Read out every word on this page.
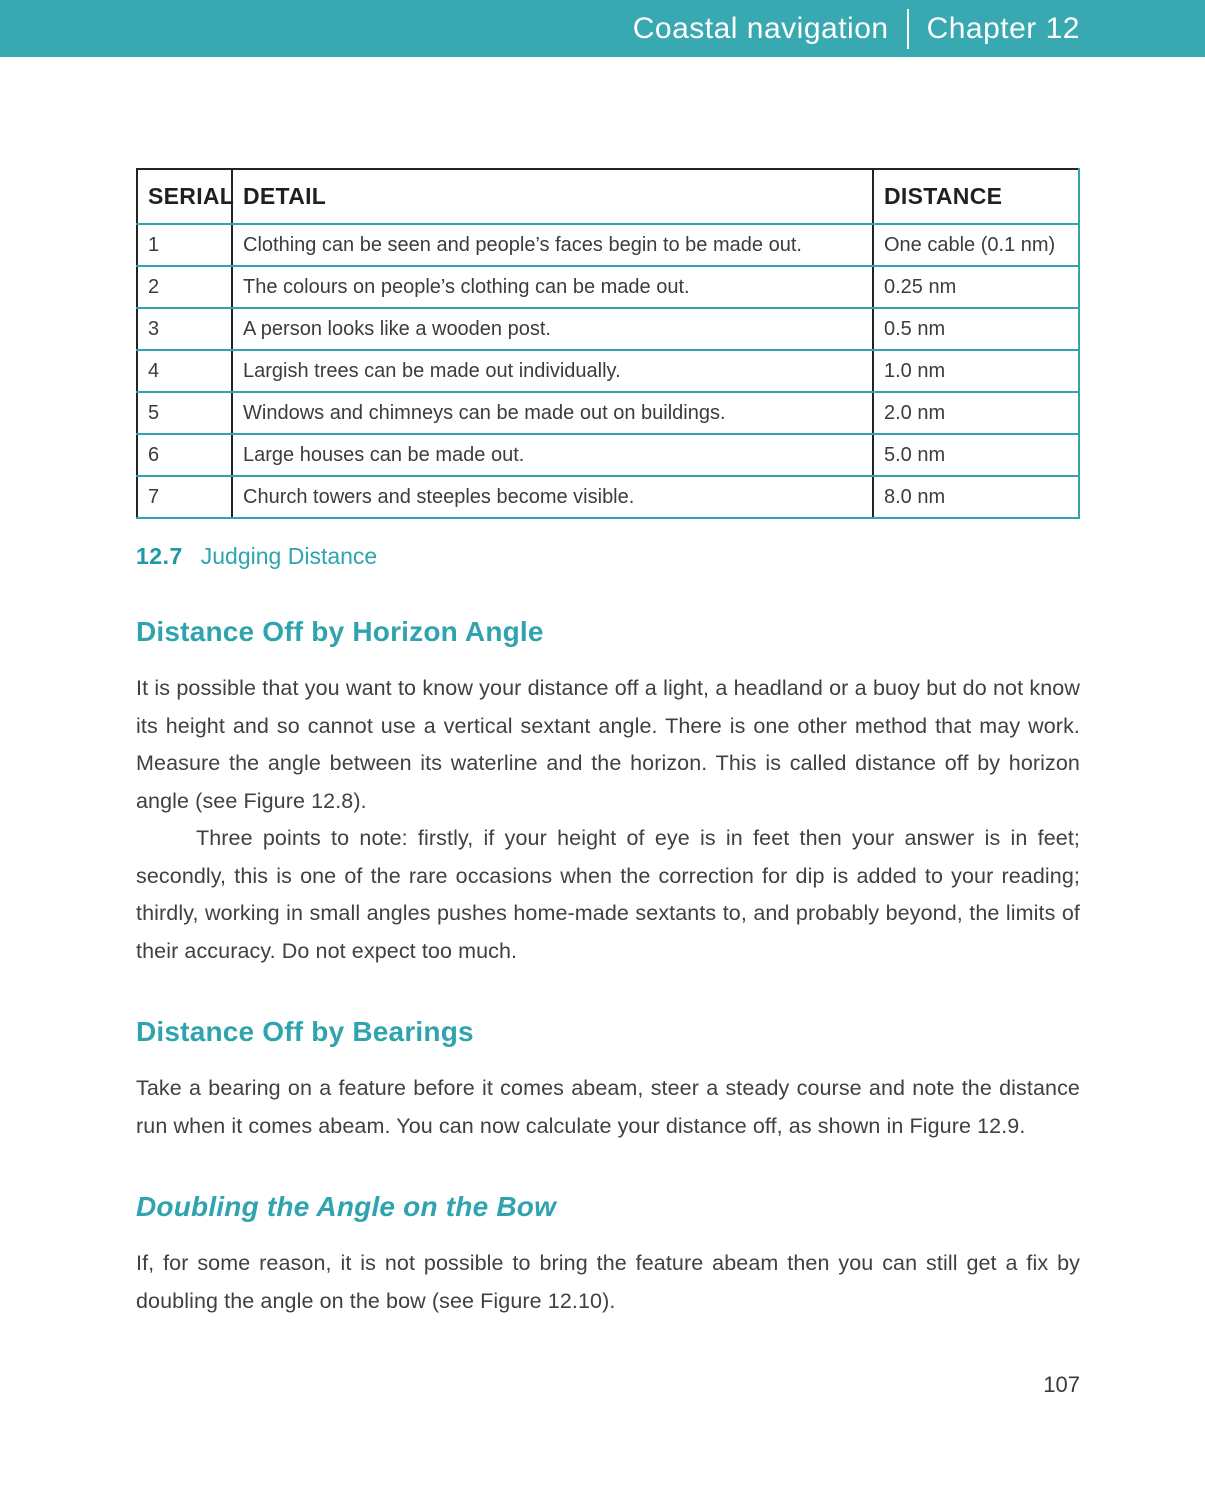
Coastal navigation Chapter 12
SERIAL	DETAIL	DISTANCE
1	Clothing can be seen and people’s faces begin to be made out.	One cable (0.1 nm)
2	The colours on people’s clothing can be made out.	0.25 nm
3	A person looks like a wooden post.	0.5 nm
4	Largish trees can be made out individually.	1.0 nm
5	Windows and chimneys can be made out on buildings.	2.0 nm
6	Large houses can be made out.	5.0 nm
7	Church towers and steeples become visible.	8.0 nm

12.7 Judging Distance

Distance Off by Horizon Angle

It is possible that you want to know your distance off a light, a headland or a buoy but do not know its height and so cannot use a vertical sextant angle. There is one other method that may work. Measure the angle between its waterline and the horizon. This is called distance off by horizon angle (see Figure 12.8).

Three points to note: firstly, if your height of eye is in feet then your answer is in feet; secondly, this is one of the rare occasions when the correction for dip is added to your reading; thirdly, working in small angles pushes home-made sextants to, and probably beyond, the limits of their accuracy. Do not expect too much.

Distance Off by Bearings

Take a bearing on a feature before it comes abeam, steer a steady course and note the distance run when it comes abeam. You can now calculate your distance off, as shown in Figure 12.9.

Doubling the Angle on the Bow

If, for some reason, it is not possible to bring the feature abeam then you can still get a fix by doubling the angle on the bow (see Figure 12.10).

107
